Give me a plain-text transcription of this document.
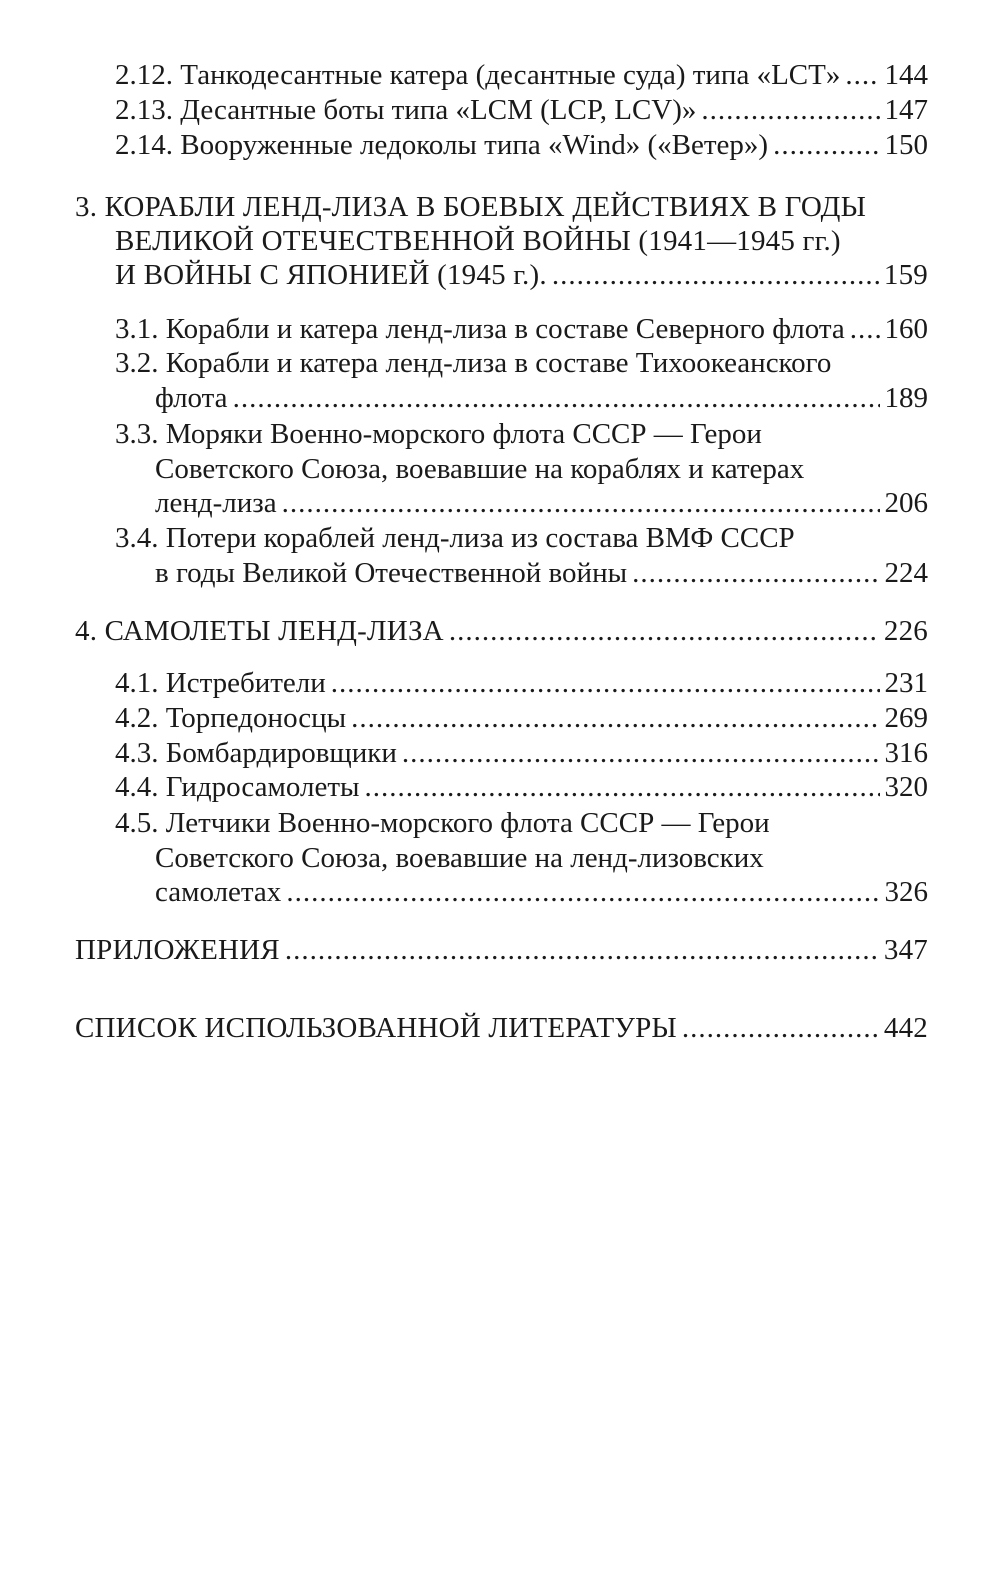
2.12. Танкодесантные катера (десантные суда) типа «LCT» ..... 144
2.13. Десантные боты типа «LCM (LCP, LCV)» .....	147
2.14. Вооруженные ледоколы типа «Wind» («Ветер») .....	150
3. КОРАБЛИ ЛЕНД-ЛИЗА В БОЕВЫХ ДЕЙСТВИЯХ В ГОДЫ
ВЕЛИКОЙ ОТЕЧЕСТВЕННОЙ ВОЙНЫ (1941—1945 гг.)
И ВОЙНЫ С ЯПОНИЕЙ (1945 г.). .....	159
3.1. Корабли и катера ленд-лиза в составе Северного флота ..... 160
3.2. Корабли и катера ленд-лиза в составе Тихоокеанского
флота .....	189
3.3. Моряки Военно-морского флота СССР — Герои
Советского Союза, воевавшие на кораблях и катерах
ленд-лиза .....	206
3.4. Потери кораблей ленд-лиза из состава ВМФ СССР
в годы Великой Отечественной войны .....	224
4. САМОЛЕТЫ ЛЕНД-ЛИЗА .....	226
4.1. Истребители .....	231
4.2. Торпедоносцы .....	269
4.3. Бомбардировщики .....	316
4.4. Гидросамолеты .....	320
4.5. Летчики Военно-морского флота СССР — Герои
Советского Союза, воевавшие на ленд-лизовских
самолетах .....	326
ПРИЛОЖЕНИЯ .....	347
СПИСОК ИСПОЛЬЗОВАННОЙ ЛИТЕРАТУРЫ .....	442
